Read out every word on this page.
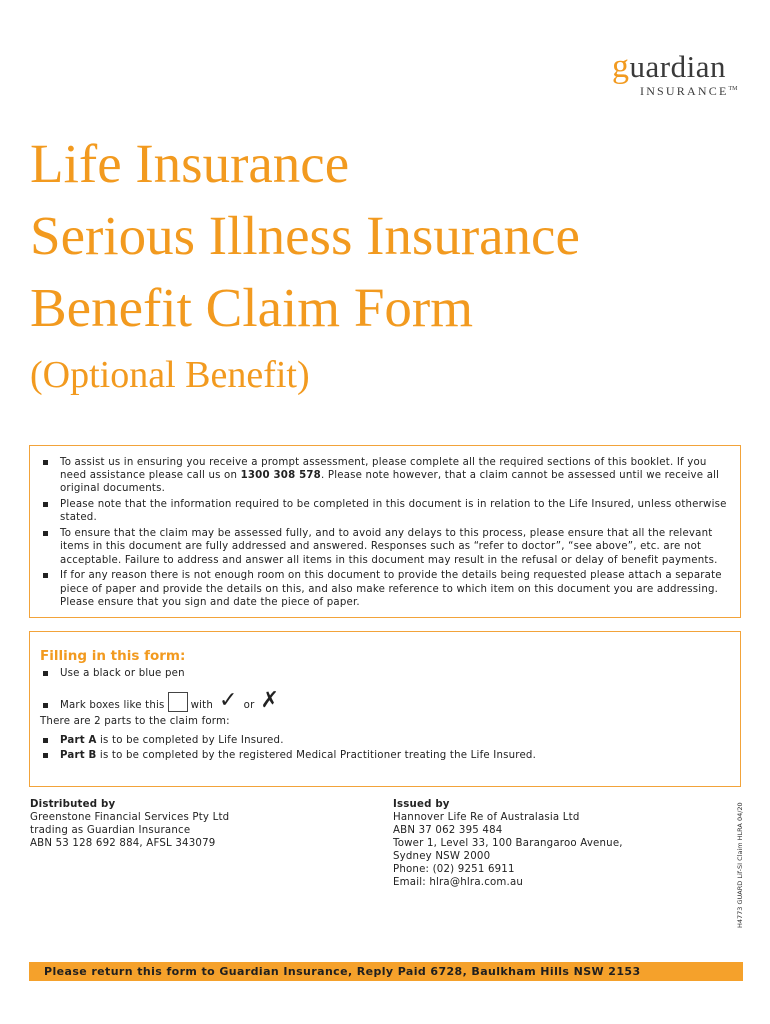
guardian
INSURANCE™
Life Insurance
Serious Illness Insurance
Benefit Claim Form
(Optional Benefit)
To assist us in ensuring you receive a prompt assessment, please complete all the required sections of this booklet. If you need assistance please call us on 1300 308 578. Please note however, that a claim cannot be assessed until we receive all original documents.
Please note that the information required to be completed in this document is in relation to the Life Insured, unless otherwise stated.
To ensure that the claim may be assessed fully, and to avoid any delays to this process, please ensure that all the relevant items in this document are fully addressed and answered. Responses such as “refer to doctor”, “see above”, etc. are not acceptable. Failure to address and answer all items in this document may result in the refusal or delay of benefit payments.
If for any reason there is not enough room on this document to provide the details being requested please attach a separate piece of paper and provide the details on this, and also make reference to which item on this document you are addressing. Please ensure that you sign and date the piece of paper.
Filling in this form:
Use a black or blue pen
Mark boxes like this	with ✓ or ✗
There are 2 parts to the claim form:
Part A is to be completed by Life Insured.
Part B is to be completed by the registered Medical Practitioner treating the Life Insured.
Distributed by
Greenstone Financial Services Pty Ltd
trading as Guardian Insurance
ABN 53 128 692 884, AFSL 343079
Issued by
Hannover Life Re of Australasia Ltd
ABN 37 062 395 484
Tower 1, Level 33, 100 Barangaroo Avenue,
Sydney NSW 2000
Phone: (02) 9251 6911
Email: hlra@hlra.com.au	H4773 GUARD Lif-SI Claim HLRA 04/20
Please return this form to Guardian Insurance, Reply Paid 6728, Baulkham Hills NSW 2153
